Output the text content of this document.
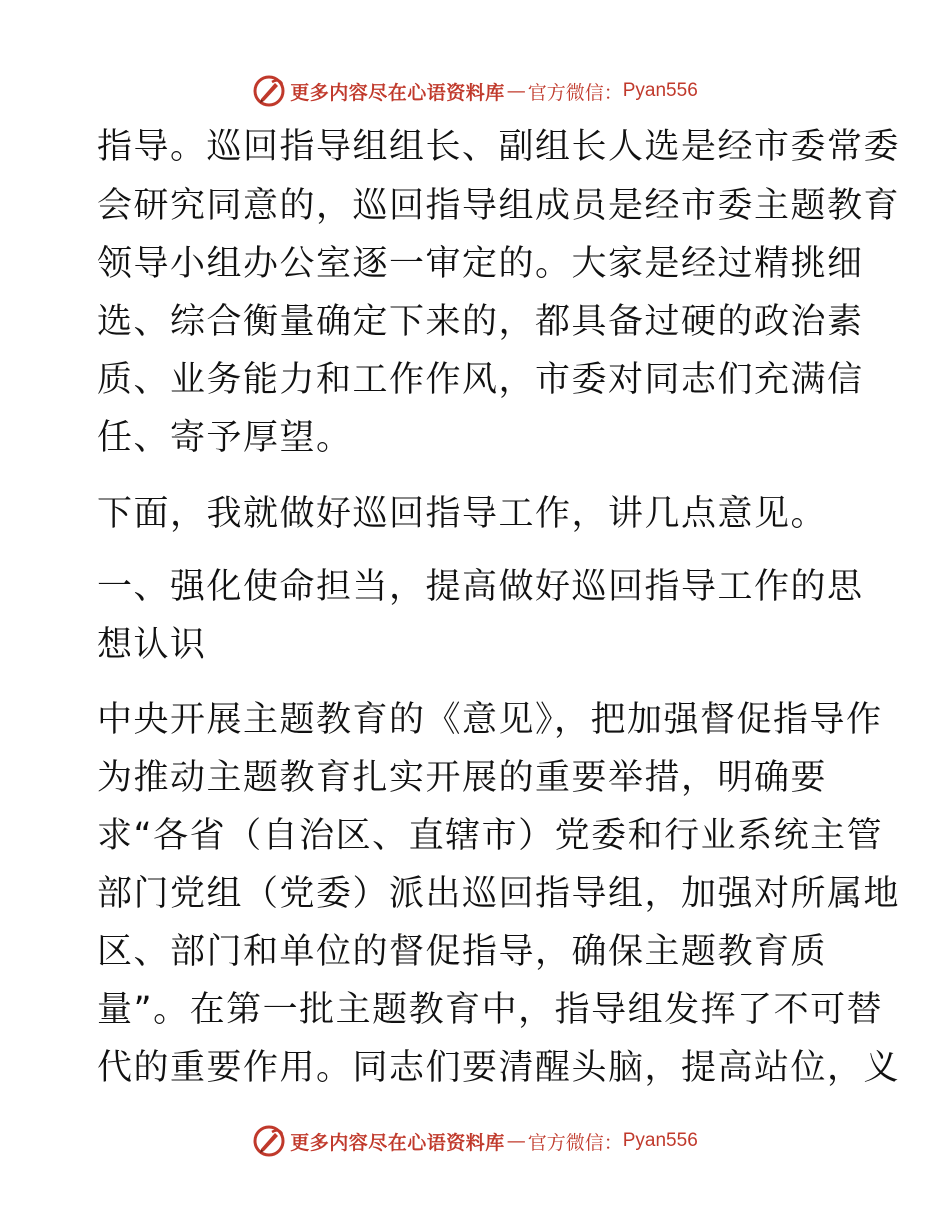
更多内容尽在心语资料库 — 官方微信： Pyan556
指导。巡回指导组组长、副组长人选是经市委常委
会研究同意的，巡回指导组成员是经市委主题教育
领导小组办公室逐一审定的。大家是经过精挑细
选、综合衡量确定下来的，都具备过硬的政治素
质、业务能力和工作作风，市委对同志们充满信
任、寄予厚望。
下面，我就做好巡回指导工作，讲几点意见。
一、强化使命担当，提高做好巡回指导工作的思
想认识
中央开展主题教育的《意见》，把加强督促指导作
为推动主题教育扎实开展的重要举措，明确要
求“各省（自治区、直辖市）党委和行业系统主管
部门党组（党委）派出巡回指导组，加强对所属地
区、部门和单位的督促指导，确保主题教育质
量”。在第一批主题教育中，指导组发挥了不可替
代的重要作用。同志们要清醒头脑，提高站位，义
更多内容尽在心语资料库 — 官方微信： Pyan556
